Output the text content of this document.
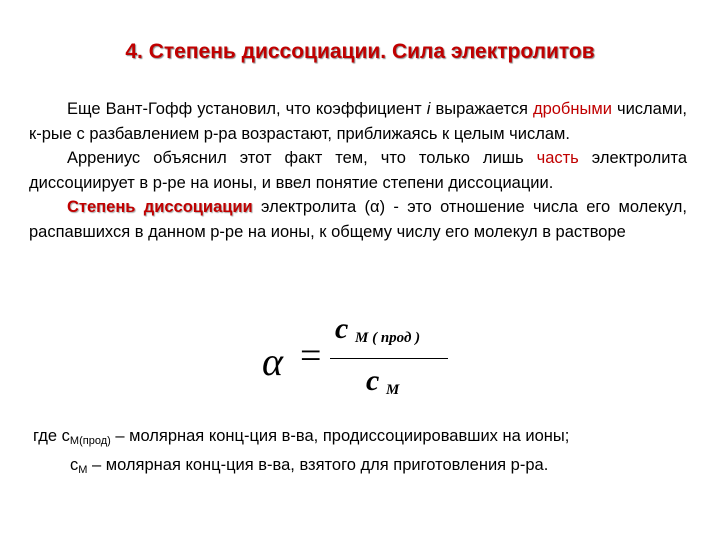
4. Степень диссоциации. Сила электролитов

Еще Вант-Гофф установил, что коэффициент i выражается дробными числами, к-рые с разбавлением р-ра возрастают, приближаясь к целым числам.

Аррениус объяснил этот факт тем, что только лишь часть электролита диссоциирует в р-ре на ионы, и ввел понятие степени диссоциации.

Степень диссоциации электролита (α) - это отношение числа его молекул, распавшихся в данном р-ре на ионы, к общему числу его молекул в растворе

α =
c M ( прод )
c M
где $с_{М(прод)}$ – молярная конц-ция в-ва, продиссоциировавших на ионы;
$с_М$ – молярная конц-ция в-ва, взятого для приготовления р-ра.
